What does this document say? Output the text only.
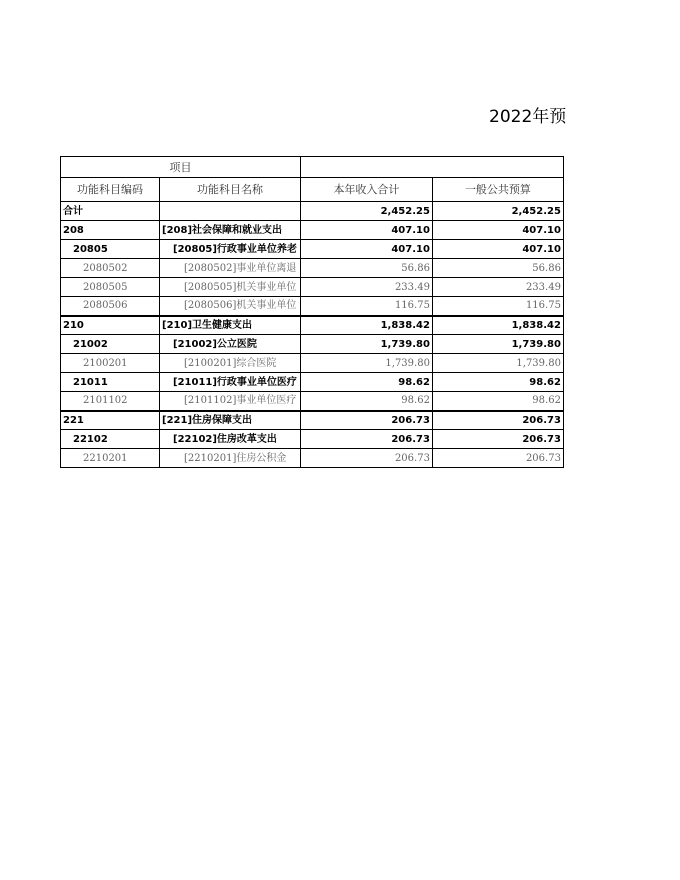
2022年预
项目			
功能科目编码	功能科目名称	本年收入合计	一般公共预算
合计		2,452.25	2,452.25
208	[208]社会保障和就业支出	407.10	407.10
20805	[20805]行政事业单位养老	407.10	407.10
2080502	[2080502]事业单位离退	56.86	56.86
2080505	[2080505]机关事业单位	233.49	233.49
2080506	[2080506]机关事业单位	116.75	116.75
210	[210]卫生健康支出	1,838.42	1,838.42
21002	[21002]公立医院	1,739.80	1,739.80
2100201	[2100201]综合医院	1,739.80	1,739.80
21011	[21011]行政事业单位医疗	98.62	98.62
2101102	[2101102]事业单位医疗	98.62	98.62
221	[221]住房保障支出	206.73	206.73
22102	[22102]住房改革支出	206.73	206.73
2210201	[2210201]住房公积金	206.73	206.73
